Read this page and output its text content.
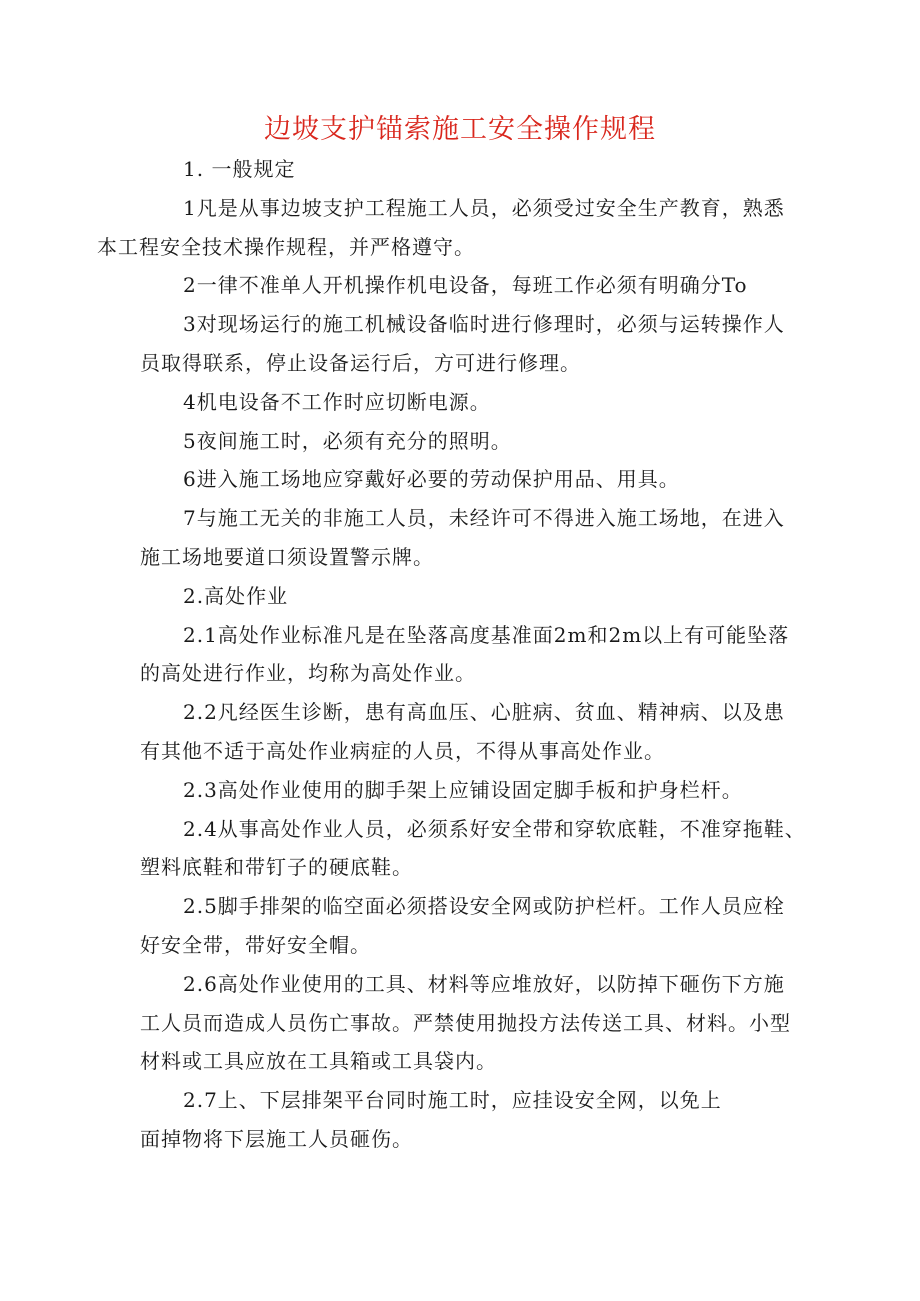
边坡支护锚索施工安全操作规程

1. 一般规定

1凡是从事边坡支护工程施工人员，必须受过安全生产教育，熟悉
本工程安全技术操作规程，并严格遵守。

2一律不准单人开机操作机电设备，每班工作必须有明确分To

3对现场运行的施工机械设备临时进行修理时，必须与运转操作人
员取得联系，停止设备运行后，方可进行修理。

4机电设备不工作时应切断电源。

5夜间施工时，必须有充分的照明。

6进入施工场地应穿戴好必要的劳动保护用品、用具。

7与施工无关的非施工人员，未经许可不得进入施工场地，在进入
施工场地要道口须设置警示牌。

2.高处作业

2.1高处作业标准凡是在坠落高度基准面2m和2m以上有可能坠落
的高处进行作业，均称为高处作业。

2.2凡经医生诊断，患有高血压、心脏病、贫血、精神病、以及患
有其他不适于高处作业病症的人员，不得从事高处作业。

2.3高处作业使用的脚手架上应铺设固定脚手板和护身栏杆。

2.4从事高处作业人员，必须系好安全带和穿软底鞋，不准穿拖鞋、
塑料底鞋和带钉子的硬底鞋。

2.5脚手排架的临空面必须搭设安全网或防护栏杆。工作人员应栓
好安全带，带好安全帽。

2.6高处作业使用的工具、材料等应堆放好，以防掉下砸伤下方施
工人员而造成人员伤亡事故。严禁使用抛投方法传送工具、材料。小型
材料或工具应放在工具箱或工具袋内。

2.7上、下层排架平台同时施工时，应挂设安全网，以免上
面掉物将下层施工人员砸伤。
